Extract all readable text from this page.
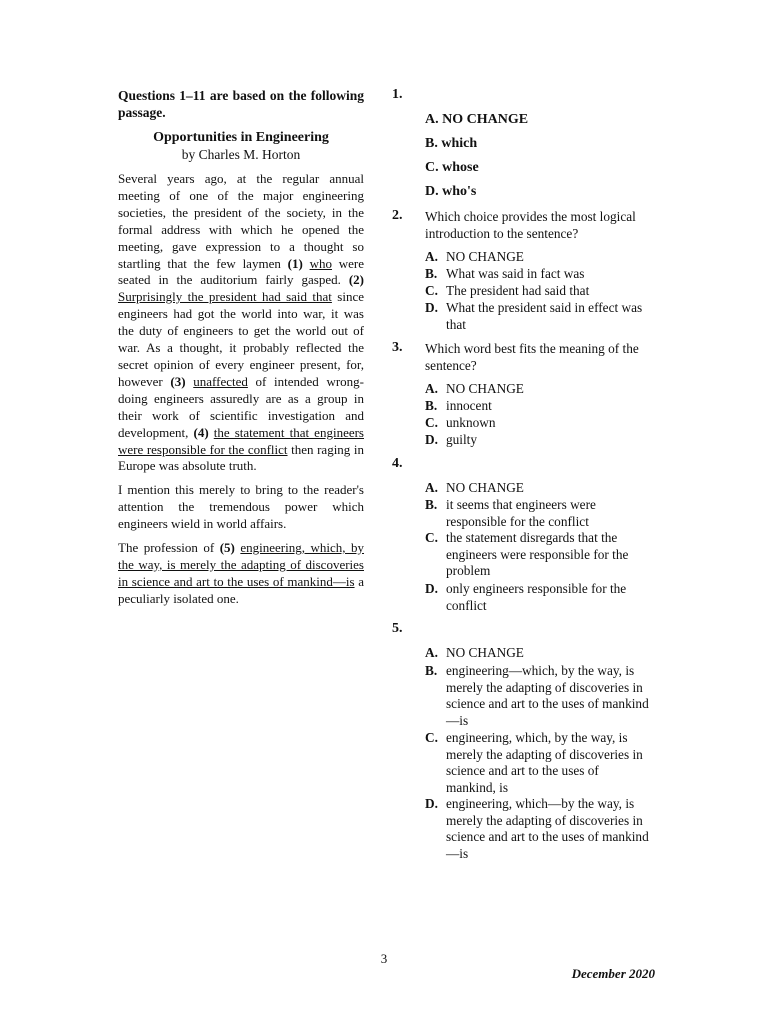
Questions 1–11 are based on the following passage.
Opportunities in Engineering
by Charles M. Horton
Several years ago, at the regular annual meeting of one of the major engineering societies, the president of the society, in the formal address with which he opened the meeting, gave expression to a thought so startling that the few laymen (1) who were seated in the auditorium fairly gasped. (2) Surprisingly the president had said that since engineers had got the world into war, it was the duty of engineers to get the world out of war. As a thought, it probably reflected the secret opinion of every engineer present, for, however (3) unaffected of intended wrong-doing engineers assuredly are as a group in their work of scientific investigation and development, (4) the statement that engineers were responsible for the conflict then raging in Europe was absolute truth.
I mention this merely to bring to the reader's attention the tremendous power which engineers wield in world affairs.
The profession of (5) engineering, which, by the way, is merely the adapting of discoveries in science and art to the uses of mankind—is a peculiarly isolated one.
1.
A. NO CHANGE
B. which
C. whose
D. who's
2. Which choice provides the most logical introduction to the sentence?
A. NO CHANGE
B. What was said in fact was
C. The president had said that
D. What the president said in effect was that
3. Which word best fits the meaning of the sentence?
A. NO CHANGE
B. innocent
C. unknown
D. guilty
4.
A. NO CHANGE
B. it seems that engineers were responsible for the conflict
C. the statement disregards that the engineers were responsible for the problem
D. only engineers responsible for the conflict
5.
A. NO CHANGE
B. engineering—which, by the way, is merely the adapting of discoveries in science and art to the uses of mankind—is
C. engineering, which, by the way, is merely the adapting of discoveries in science and art to the uses of mankind, is
D. engineering, which—by the way, is merely the adapting of discoveries in science and art to the uses of mankind—is
3
December 2020
